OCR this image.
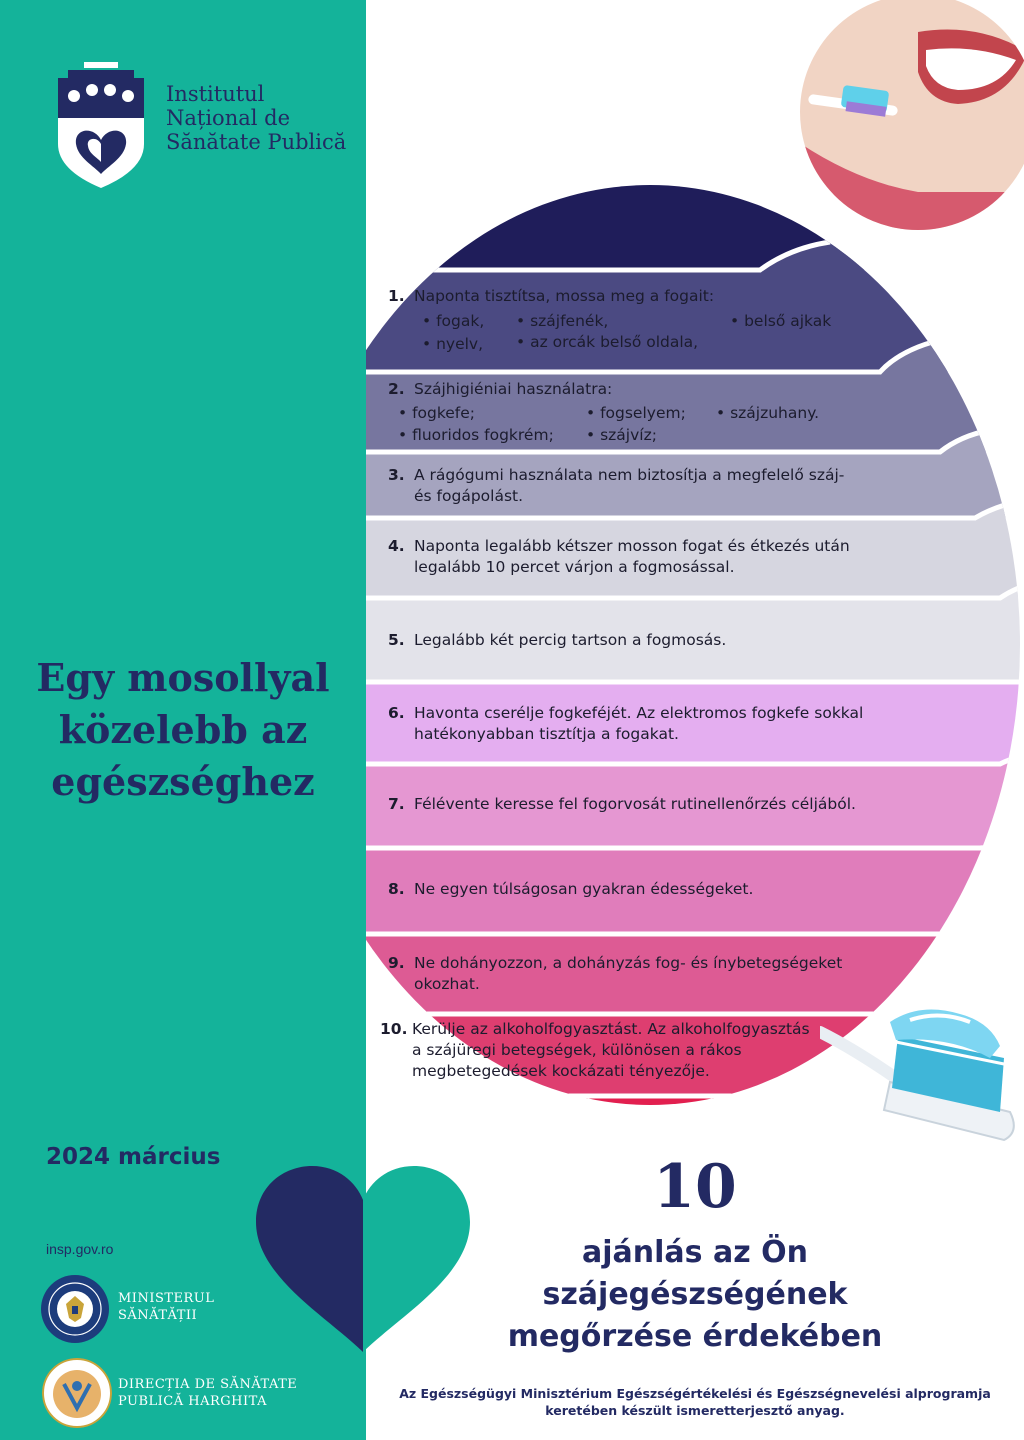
Institutul
Național de
Sănătate Publică
Egy mosollyal
közelebb az
egészséghez
2024 március
insp.gov.ro
MINISTERUL
SĂNĂTĂȚII
DIRECȚIA DE SĂNĂTATE
PUBLICĂ HARGHITA
1. Naponta tisztítsa, mossa meg a fogait:
• fogak, • szájfenék,	• belső ajkak
• nyelv, • az orcák belső oldala,
2. Szájhigiéniai használatra:
• fogkefe;	• fogselyem; • szájzuhany.
• fluoridos fogkrém; • szájvíz;
3. A rágógumi használata nem biztosítja a megfelelő száj-
és fogápolást.
4. Naponta legalább kétszer mosson fogat és étkezés után
legalább 10 percet várjon a fogmosással.
5. Legalább két percig tartson a fogmosás.
6. Havonta cserélje fogkeféjét. Az elektromos fogkefe sokkal
hatékonyabban tisztítja a fogakat.
7. Félévente keresse fel fogorvosát rutinellenőrzés céljából.
8. Ne egyen túlságosan gyakran édességeket.
9. Ne dohányozzon, a dohányzás fog- és ínybetegségeket
okozhat.
10. Kerülje az alkoholfogyasztást. Az alkoholfogyasztás
a szájüregi betegségek, különösen a rákos
megbetegedések kockázati tényezője.
10
ajánlás az Ön
szájegészségének
megőrzése érdekében
Az Egészségügyi Minisztérium Egészségértékelési és Egészségnevelési alprogramja
keretében készült ismeretterjesztő anyag.
